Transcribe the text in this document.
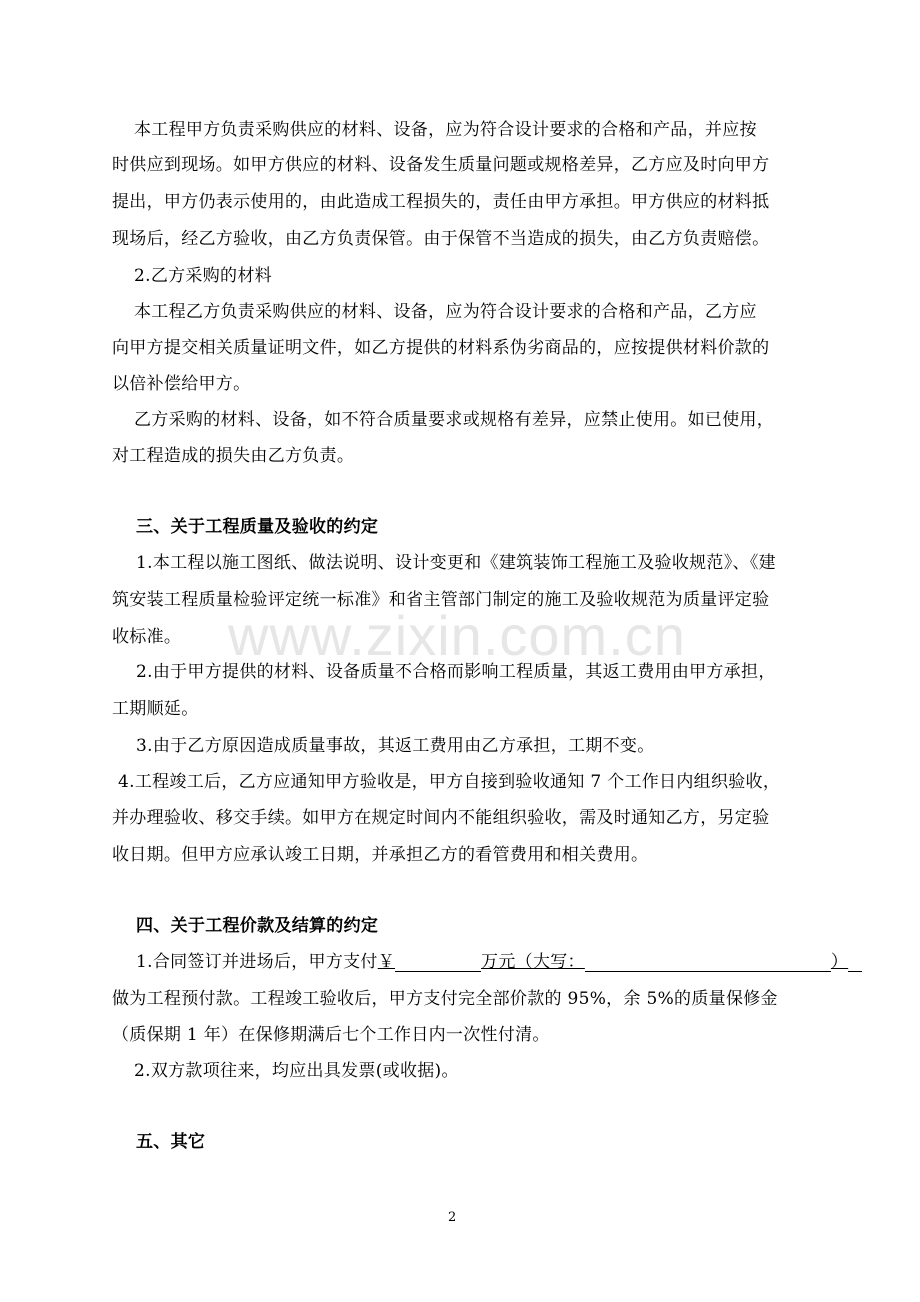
www.zixin.com.cn
本工程甲方负责采购供应的材料、设备，应为符合设计要求的合格和产品，并应按
时供应到现场。如甲方供应的材料、设备发生质量问题或规格差异，乙方应及时向甲方
提出，甲方仍表示使用的，由此造成工程损失的，责任由甲方承担。甲方供应的材料抵
现场后，经乙方验收，由乙方负责保管。由于保管不当造成的损失，由乙方负责赔偿。
2.乙方采购的材料
本工程乙方负责采购供应的材料、设备，应为符合设计要求的合格和产品，乙方应
向甲方提交相关质量证明文件，如乙方提供的材料系伪劣商品的，应按提供材料价款的
以倍补偿给甲方。
乙方采购的材料、设备，如不符合质量要求或规格有差异，应禁止使用。如已使用，
对工程造成的损失由乙方负责。
三、关于工程质量及验收的约定
1.本工程以施工图纸、做法说明、设计变更和《建筑装饰工程施工及验收规范》、《建
筑安装工程质量检验评定统一标准》和省主管部门制定的施工及验收规范为质量评定验
收标准。
2.由于甲方提供的材料、设备质量不合格而影响工程质量，其返工费用由甲方承担，
工期顺延。
3.由于乙方原因造成质量事故，其返工费用由乙方承担，工期不变。
4.工程竣工后，乙方应通知甲方验收是，甲方自接到验收通知 7 个工作日内组织验收，
并办理验收、移交手续。如甲方在规定时间内不能组织验收，需及时通知乙方，另定验
收日期。但甲方应承认竣工日期，并承担乙方的看管费用和相关费用。
四、关于工程价款及结算的约定
1.合同签订并进场后，甲方支付￥	万元（大写：	）
做为工程预付款。工程竣工验收后，甲方支付完全部价款的 95%，余 5%的质量保修金
（质保期 1 年）在保修期满后七个工作日内一次性付清。
2.双方款项往来，均应出具发票(或收据)。
五、其它
2
